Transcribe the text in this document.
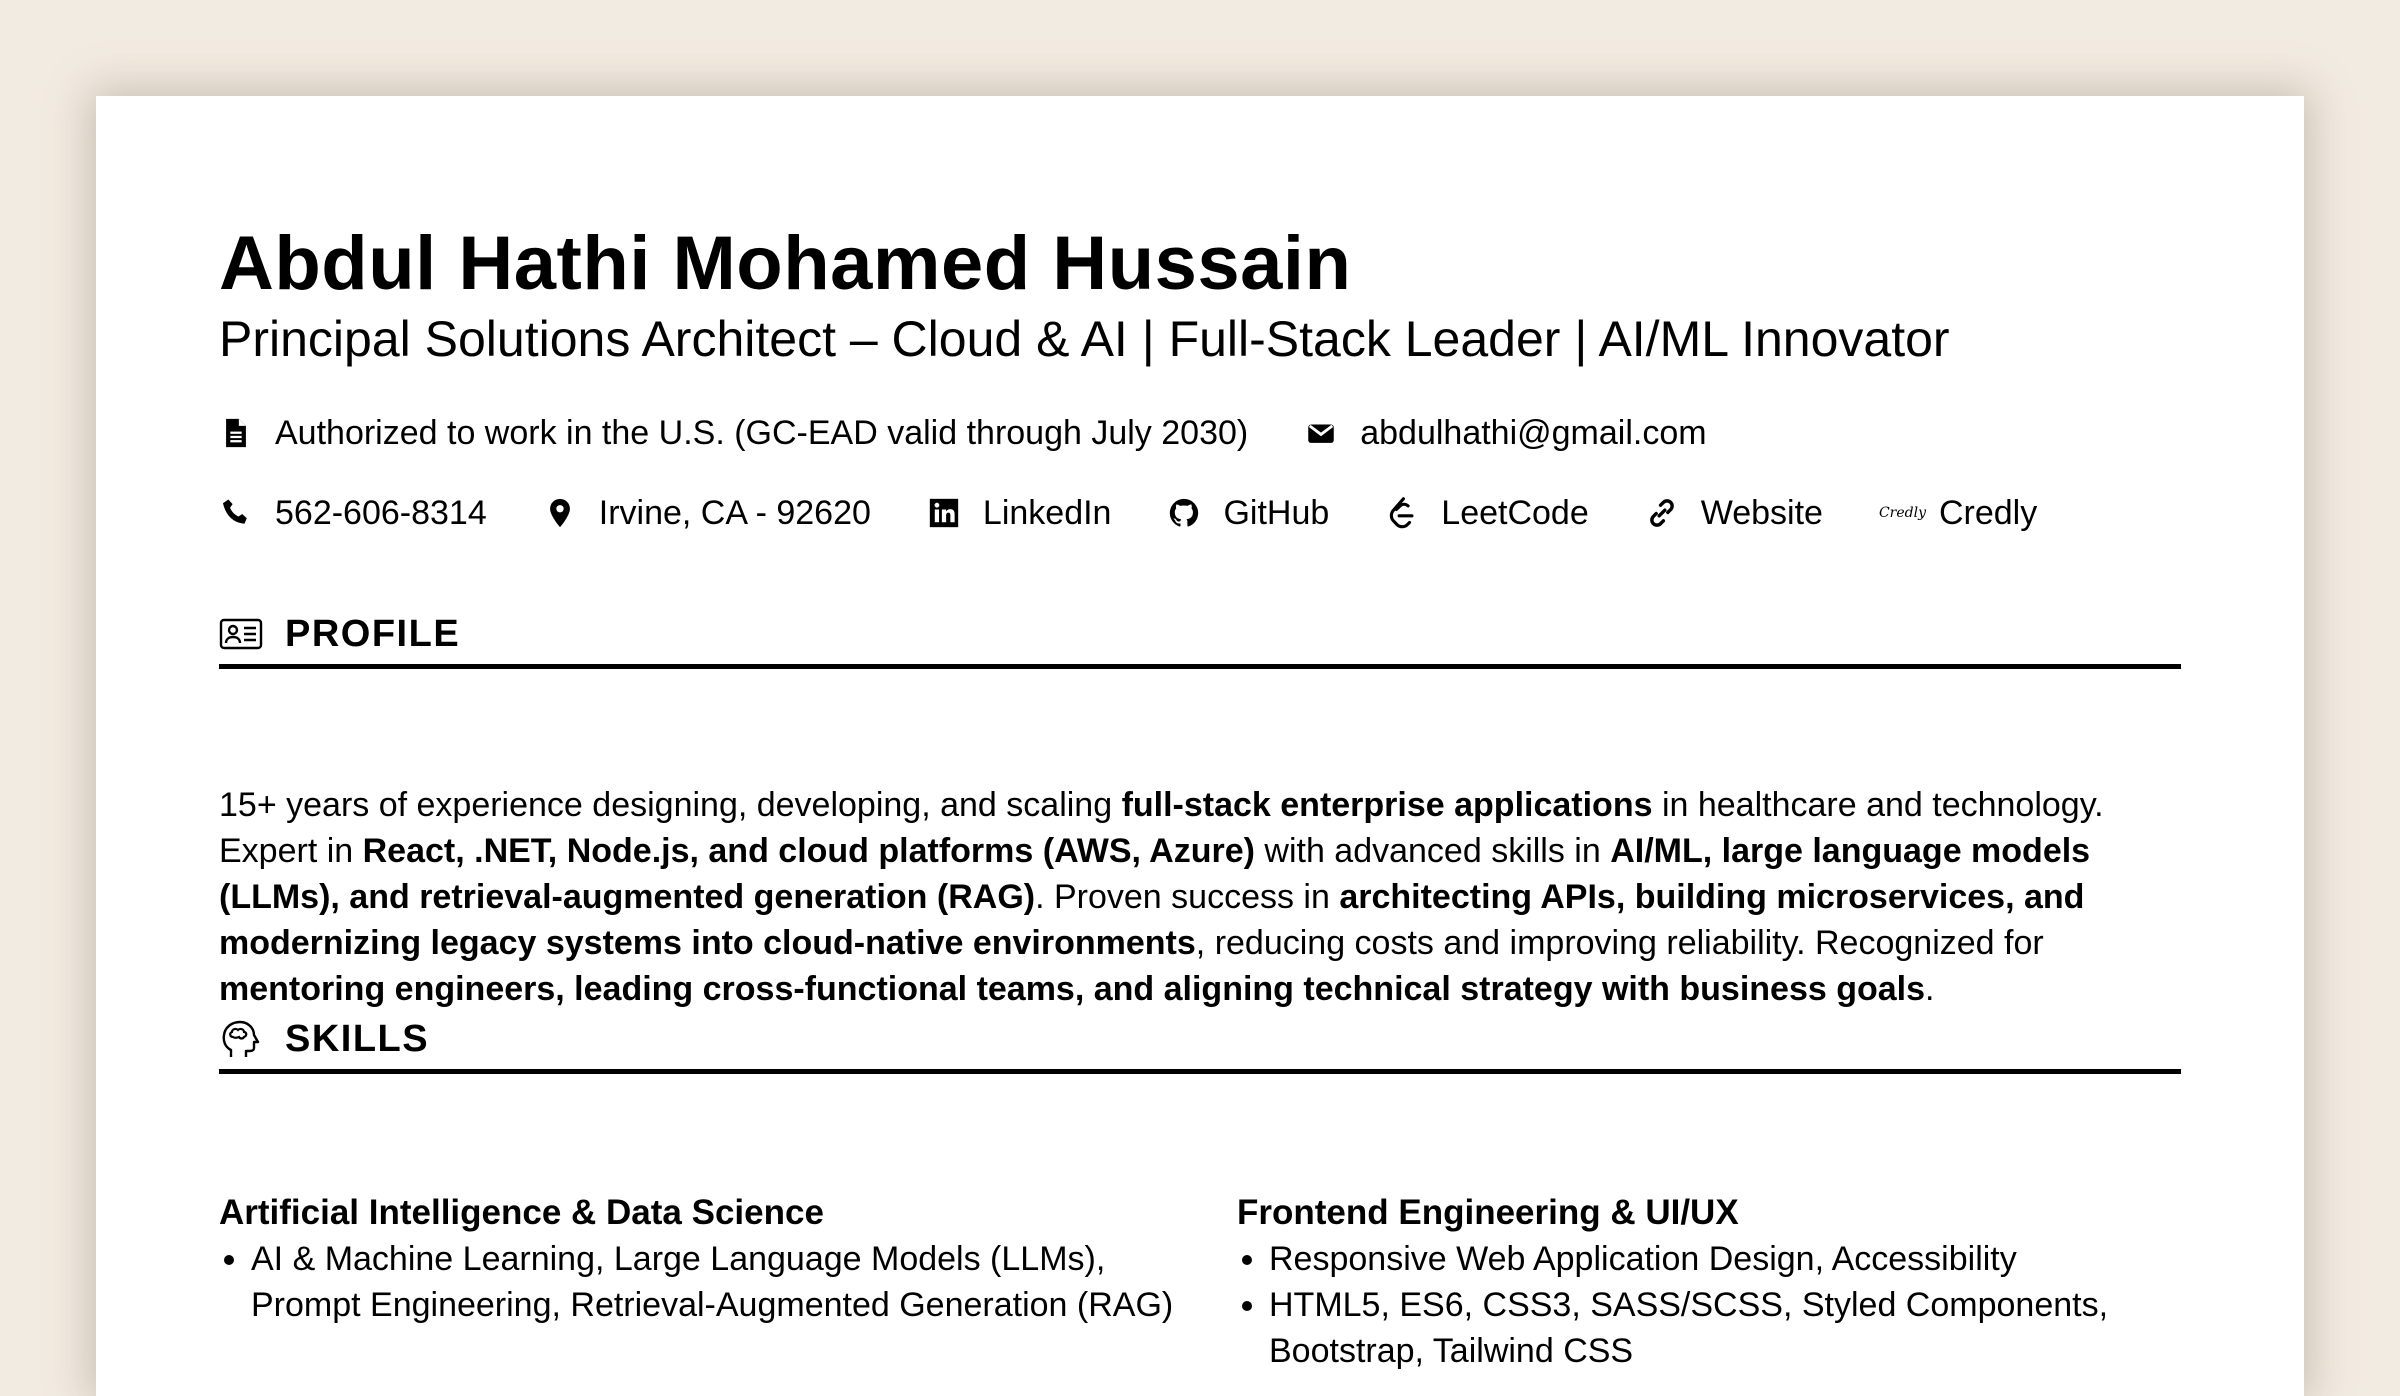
Abdul Hathi Mohamed Hussain
Principal Solutions Architect – Cloud & AI | Full-Stack Leader | AI/ML Innovator
Authorized to work in the U.S. (GC-EAD valid through July 2030)	abdulhathi@gmail.com
562-606-8314	Irvine, CA - 92620	LinkedIn	GitHub	LeetCode	Website	Credly Credly
PROFILE

15+ years of experience designing, developing, and scaling full-stack enterprise applications in healthcare and technology. Expert in React, .NET, Node.js, and cloud platforms (AWS, Azure) with advanced skills in AI/ML, large language models (LLMs), and retrieval-augmented generation (RAG). Proven success in architecting APIs, building microservices, and modernizing legacy systems into cloud-native environments, reducing costs and improving reliability. Recognized for mentoring engineers, leading cross-functional teams, and aligning technical strategy with business goals.

SKILLS
Artificial Intelligence & Data Science
• AI & Machine Learning, Large Language Models (LLMs), Prompt Engineering, Retrieval-Augmented Generation (RAG)
Frontend Engineering & UI/UX
• Responsive Web Application Design, Accessibility
• HTML5, ES6, CSS3, SASS/SCSS, Styled Components, Bootstrap, Tailwind CSS
